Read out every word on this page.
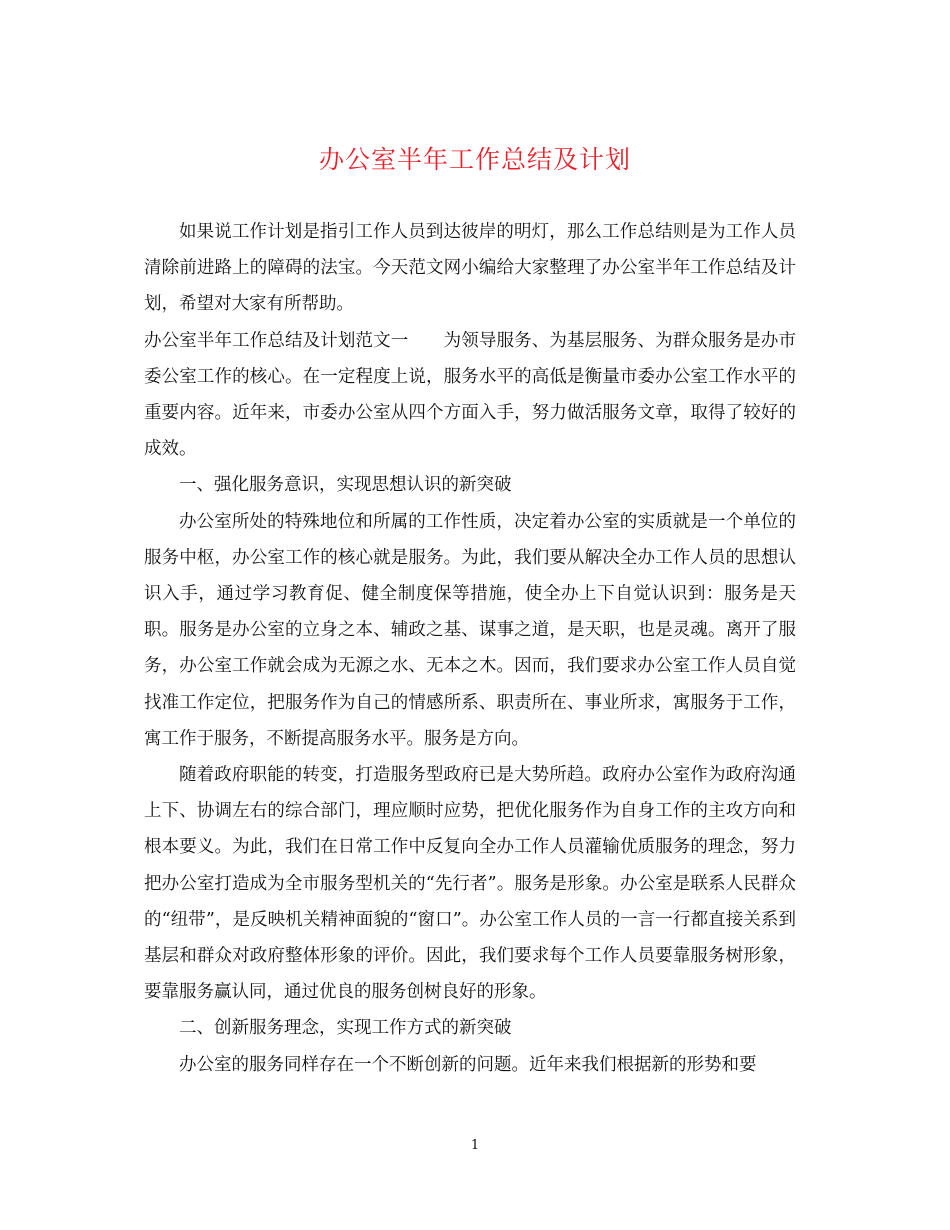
办公室半年工作总结及计划

如果说工作计划是指引工作人员到达彼岸的明灯，那么工作总结则是为工作人员清除前进路上的障碍的法宝。今天范文网小编给大家整理了办公室半年工作总结及计划，希望对大家有所帮助。

办公室半年工作总结及计划范文一　　为领导服务、为基层服务、为群众服务是办市委公室工作的核心。在一定程度上说，服务水平的高低是衡量市委办公室工作水平的重要内容。近年来，市委办公室从四个方面入手，努力做活服务文章，取得了较好的成效。

一、强化服务意识，实现思想认识的新突破

办公室所处的特殊地位和所属的工作性质，决定着办公室的实质就是一个单位的服务中枢，办公室工作的核心就是服务。为此，我们要从解决全办工作人员的思想认识入手，通过学习教育促、健全制度保等措施，使全办上下自觉认识到：服务是天职。服务是办公室的立身之本、辅政之基、谋事之道，是天职，也是灵魂。离开了服务，办公室工作就会成为无源之水、无本之木。因而，我们要求办公室工作人员自觉找准工作定位，把服务作为自己的情感所系、职责所在、事业所求，寓服务于工作，寓工作于服务，不断提高服务水平。服务是方向。

随着政府职能的转变，打造服务型政府已是大势所趋。政府办公室作为政府沟通上下、协调左右的综合部门，理应顺时应势，把优化服务作为自身工作的主攻方向和根本要义。为此，我们在日常工作中反复向全办工作人员灌输优质服务的理念，努力把办公室打造成为全市服务型机关的“先行者”。服务是形象。办公室是联系人民群众的“纽带”，是反映机关精神面貌的“窗口”。办公室工作人员的一言一行都直接关系到基层和群众对政府整体形象的评价。因此，我们要求每个工作人员要靠服务树形象，要靠服务赢认同，通过优良的服务创树良好的形象。

二、创新服务理念，实现工作方式的新突破

办公室的服务同样存在一个不断创新的问题。近年来我们根据新的形势和要

1
